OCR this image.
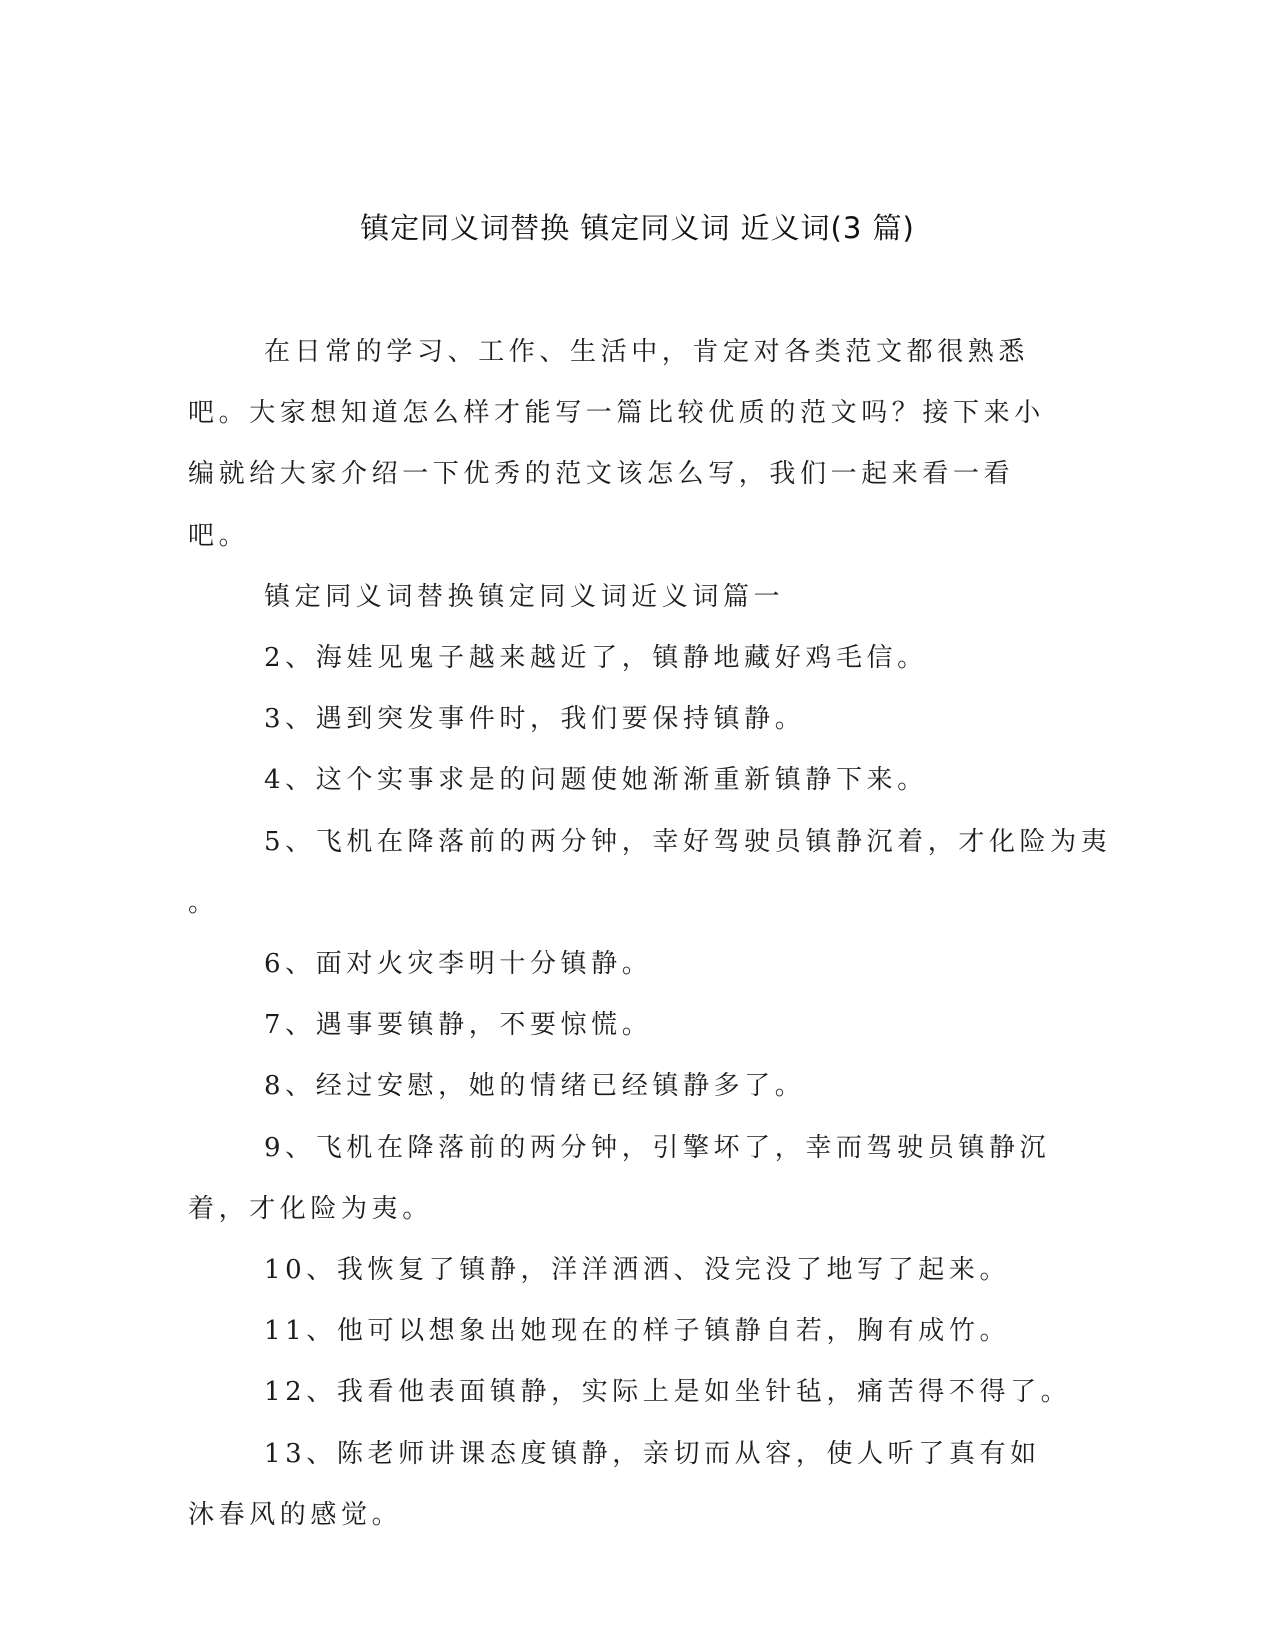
镇定同义词替换 镇定同义词 近义词(3 篇)

在日常的学习、工作、生活中，肯定对各类范文都很熟悉吧。大家想知道怎么样才能写一篇比较优质的范文吗？接下来小编就给大家介绍一下优秀的范文该怎么写，我们一起来看一看吧。

镇定同义词替换镇定同义词近义词篇一

2、海娃见鬼子越来越近了，镇静地藏好鸡毛信。

3、遇到突发事件时，我们要保持镇静。

4、这个实事求是的问题使她渐渐重新镇静下来。

5、飞机在降落前的两分钟，幸好驾驶员镇静沉着，才化险为夷

。

6、面对火灾李明十分镇静。

7、遇事要镇静，不要惊慌。

8、经过安慰，她的情绪已经镇静多了。

9、飞机在降落前的两分钟，引擎坏了，幸而驾驶员镇静沉着，才化险为夷。

10、我恢复了镇静，洋洋洒洒、没完没了地写了起来。

11、他可以想象出她现在的样子镇静自若，胸有成竹。

12、我看他表面镇静，实际上是如坐针毡，痛苦得不得了。

13、陈老师讲课态度镇静，亲切而从容，使人听了真有如沐春风的感觉。
